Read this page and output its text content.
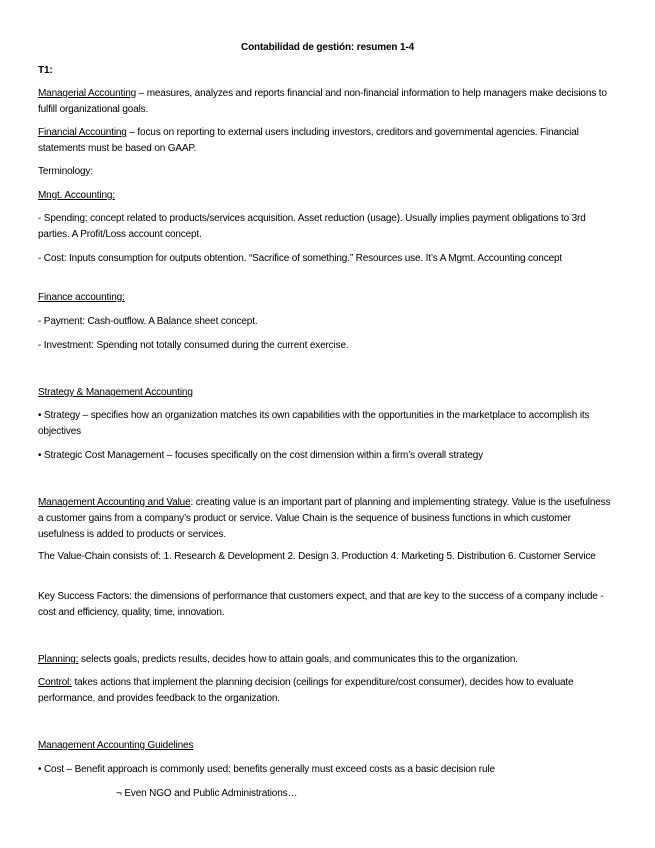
Contabilidad de gestión: resumen 1-4

T1:

Managerial Accounting – measures, analyzes and reports financial and non-financial information to help managers make decisions to fulfill organizational goals.

Financial Accounting – focus on reporting to external users including investors, creditors and governmental agencies. Financial statements must be based on GAAP.

Terminology:

Mngt. Accounting:

- Spending: concept related to products/services acquisition. Asset reduction (usage). Usually implies payment obligations to 3rd parties. A Profit/Loss account concept.

- Cost: Inputs consumption for outputs obtention. “Sacrifice of something.” Resources use. It’s A Mgmt. Accounting concept

Finance accounting:

- Payment: Cash-outflow. A Balance sheet concept.

- Investment: Spending not totally consumed during the current exercise.

Strategy & Management Accounting

• Strategy – specifies how an organization matches its own capabilities with the opportunities in the marketplace to accomplish its objectives

• Strategic Cost Management – focuses specifically on the cost dimension within a firm’s overall strategy

Management Accounting and Value: creating value is an important part of planning and implementing strategy. Value is the usefulness a customer gains from a company’s product or service. Value Chain is the sequence of business functions in which customer usefulness is added to products or services.

The Value-Chain consists of: 1. Research & Development 2. Design 3. Production 4. Marketing 5. Distribution 6. Customer Service

Key Success Factors: the dimensions of performance that customers expect, and that are key to the success of a company include - cost and efficiency, quality, time, innovation.

Planning: selects goals, predicts results, decides how to attain goals, and communicates this to the organization.

Control: takes actions that implement the planning decision (ceilings for expenditure/cost consumer), decides how to evaluate performance, and provides feedback to the organization.

Management Accounting Guidelines

• Cost – Benefit approach is commonly used: benefits generally must exceed costs as a basic decision rule

¬ Even NGO and Public Administrations…
